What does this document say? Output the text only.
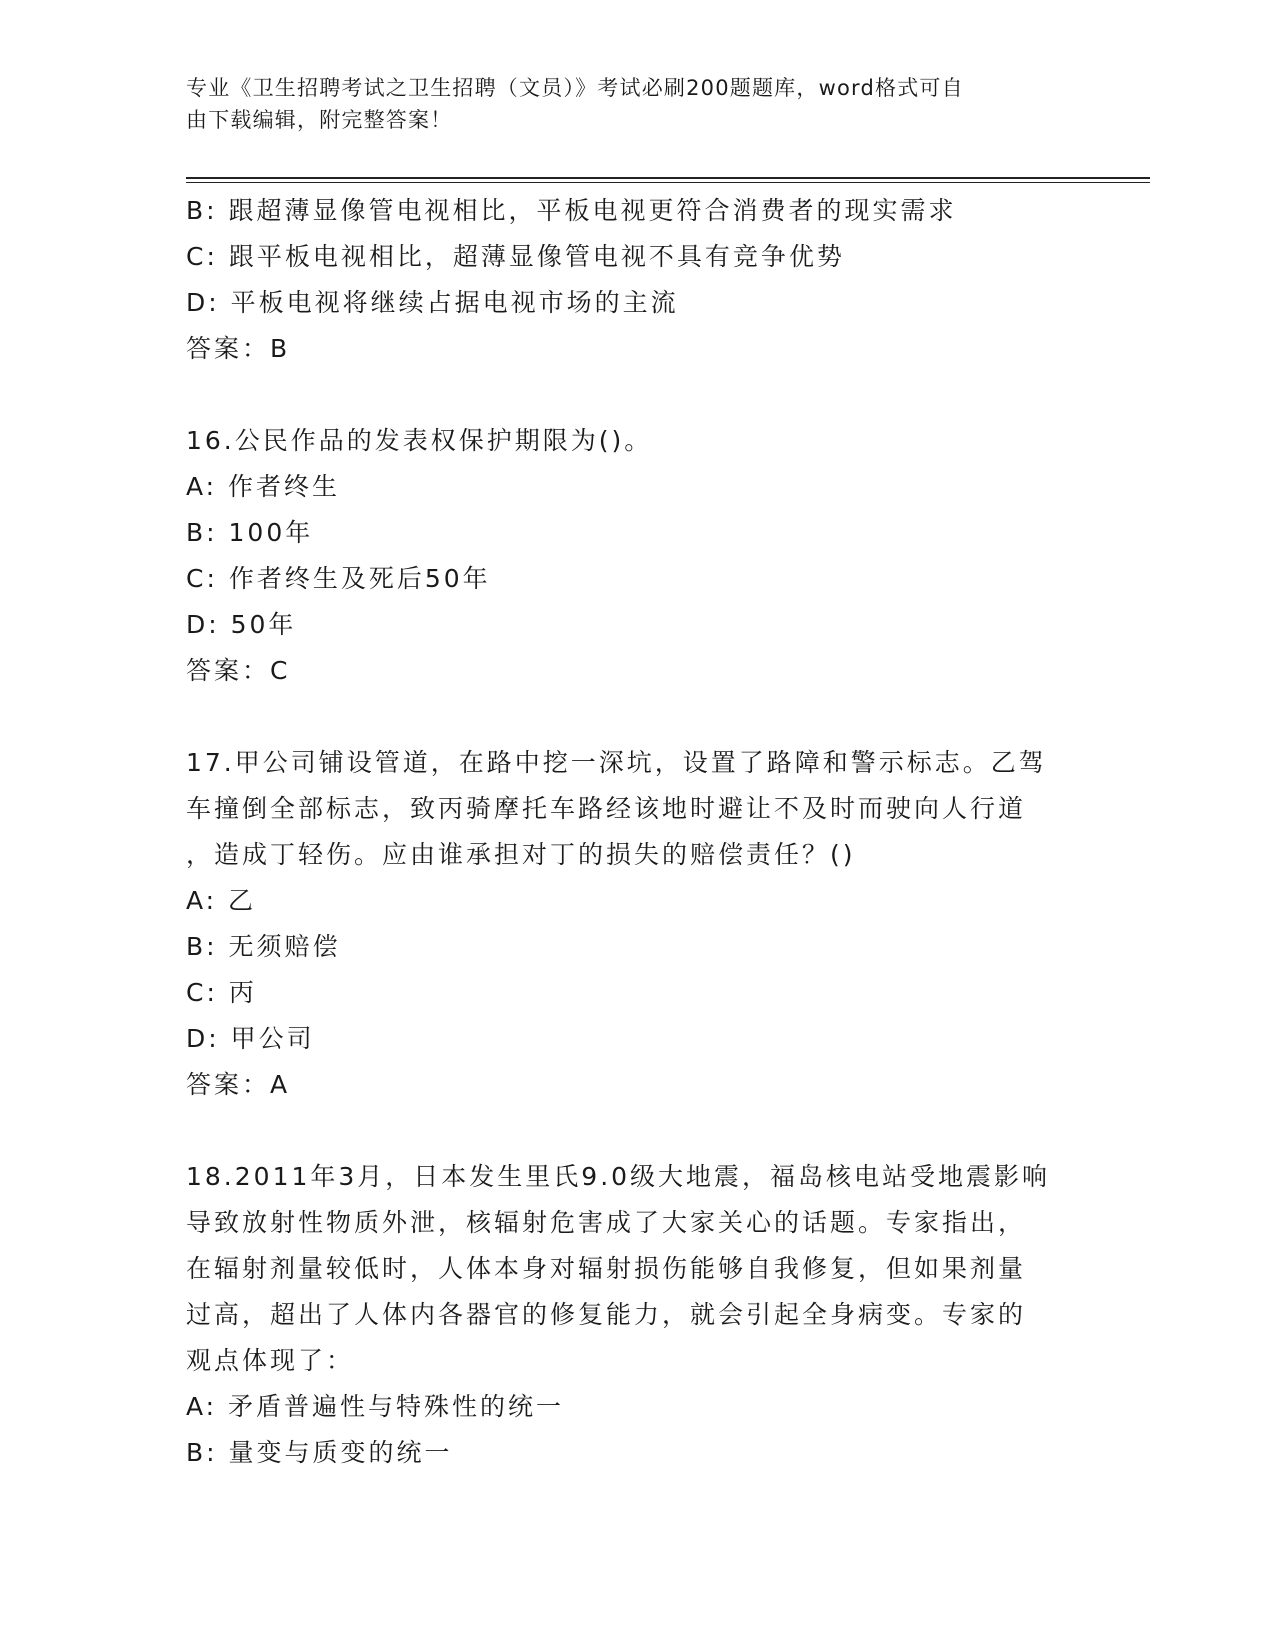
专业《卫生招聘考试之卫生招聘（文员）》考试必刷200题题库，word格式可自
由下载编辑，附完整答案！
B: 跟超薄显像管电视相比，平板电视更符合消费者的现实需求
C: 跟平板电视相比，超薄显像管电视不具有竞争优势
D: 平板电视将继续占据电视市场的主流
答案：B
16.公民作品的发表权保护期限为()。
A: 作者终生
B: 100年
C: 作者终生及死后50年
D: 50年
答案：C
17.甲公司铺设管道，在路中挖一深坑，设置了路障和警示标志。乙驾
车撞倒全部标志，致丙骑摩托车路经该地时避让不及时而驶向人行道
，造成丁轻伤。应由谁承担对丁的损失的赔偿责任？()
A: 乙
B: 无须赔偿
C: 丙
D: 甲公司
答案：A
18.2011年3月，日本发生里氏9.0级大地震，福岛核电站受地震影响
导致放射性物质外泄，核辐射危害成了大家关心的话题。专家指出，
在辐射剂量较低时，人体本身对辐射损伤能够自我修复，但如果剂量
过高，超出了人体内各器官的修复能力，就会引起全身病变。专家的
观点体现了：
A: 矛盾普遍性与特殊性的统一
B: 量变与质变的统一
